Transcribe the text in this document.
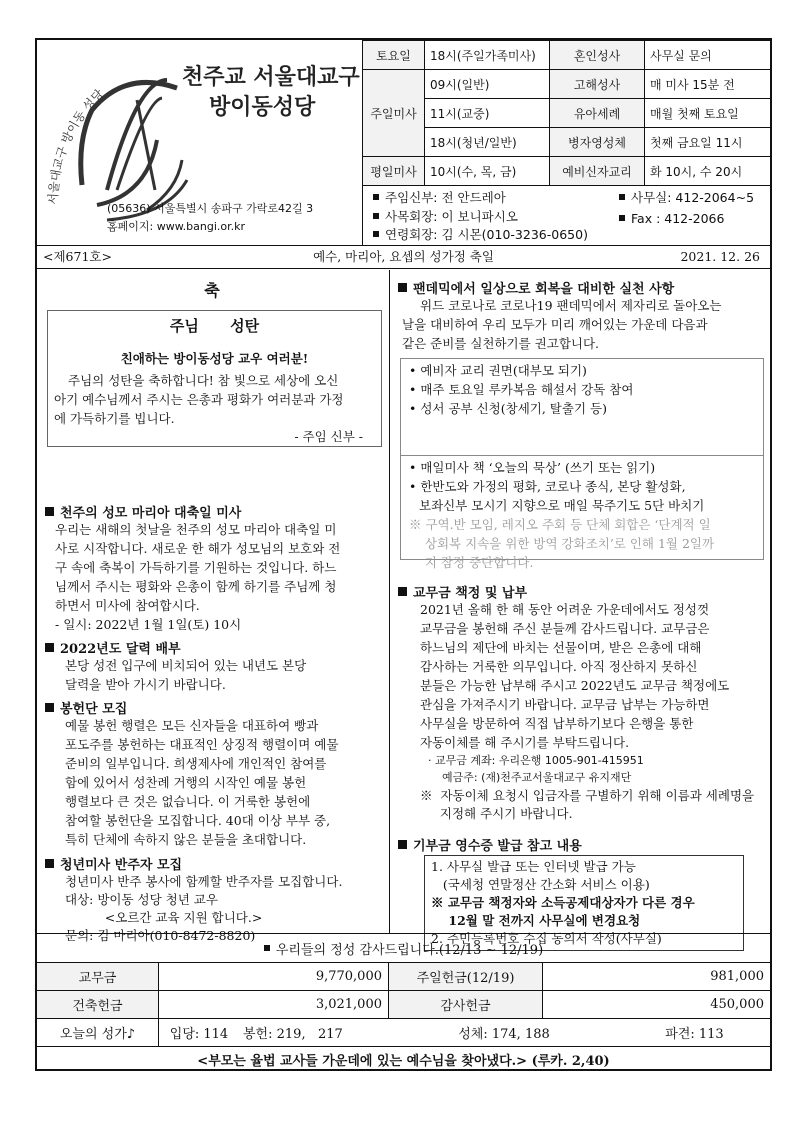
서울대교구 방이동 성당
천주교 서울대교구
방이동성당
(05636) 서울특별시 송파구 가락로42길 3
홈페이지: www.bangi.or.kr
토요일	18시(주일가족미사)	혼인성사	사무실 문의
주일미사	09시(일반)	고해성사	매 미사 15분 전
	11시(교중)	유아세례	매월 첫째 토요일
	18시(청년/일반)	병자영성체	첫째 금요일 11시
평일미사	10시(수, 목, 금)	예비신자교리	화 10시, 수 20시
주임신부: 전 안드레아
사목회장: 이 보니파시오
연령회장: 김 시몬(010-3236-0650)
사무실: 412-2064~5
Fax : 412-2066
예수, 마리아, 요셉의 성가정 축일
<제671호>	2021. 12. 26
축
주님      성탄
친애하는 방이동성당 교우 여러분!
주님의 성탄을 축하합니다! 참 빛으로 세상에 오신
아기 예수님께서 주시는 은총과 평화가 여러분과 가정
에 가득하기를 빕니다.
- 주임 신부 -
천주의 성모 마리아 대축일 미사
우리는 새해의 첫날을 천주의 성모 마리아 대축일 미
사로 시작합니다. 새로운 한 해가 성모님의 보호와 전
구 속에 축복이 가득하기를 기원하는 것입니다. 하느
님께서 주시는 평화와 은총이 함께 하기를 주님께 청
하면서 미사에 참여합시다.
- 일시: 2022년 1월 1일(토) 10시
2022년도 달력 배부
본당 성전 입구에 비치되어 있는 내년도 본당
달력을 받아 가시기 바랍니다.
봉헌단 모집
예물 봉헌 행렬은 모든 신자들을 대표하여 빵과
포도주를 봉헌하는 대표적인 상징적 행렬이며 예물
준비의 일부입니다. 희생제사에 개인적인 참여를
함에 있어서 성찬례 거행의 시작인 예물 봉헌
행렬보다 큰 것은 없습니다. 이 거룩한 봉헌에
참여할 봉헌단을 모집합니다. 40대 이상 부부 중,
특히 단체에 속하지 않은 분들을 초대합니다.
청년미사 반주자 모집
청년미사 반주 봉사에 함께할 반주자를 모집합니다.
대상: 방이동 성당 청년 교우
<오르간 교육 지원 합니다.>
문의: 김 마리아(010-8472-8820)
팬데믹에서 일상으로 회복을 대비한 실천 사항
위드 코로나로 코로나19 팬데믹에서 제자리로 돌아오는
날을 대비하여 우리 모두가 미리 깨어있는 가운데 다음과
같은 준비를 실천하기를 권고합니다.
• 예비자 교리 권면(대부모 되기)
• 매주 토요일 루카복음 해설서 강독 참여
• 성서 공부 신청(창세기, 탈출기 등)
• 매일미사 책 ‘오늘의 묵상’ (쓰기 또는 읽기)
• 한반도와 가정의 평화, 코로나 종식, 본당 활성화,
보좌신부 모시기 지향으로 매일 묵주기도 5단 바치기
※ 구역.반 모임, 레지오 주회 등 단체 회합은 ‘단계적 일
상회복 지속을 위한 방역 강화조치’로 인해 1월 2일까
지 잠정 중단합니다.
교무금 책정 및 납부
2021년 올해 한 해 동안 어려운 가운데에서도 정성껏
교무금을 봉헌해 주신 분들께 감사드립니다. 교무금은
하느님의 제단에 바치는 선물이며, 받은 은총에 대해
감사하는 거룩한 의무입니다. 아직 정산하지 못하신
분들은 가능한 납부해 주시고 2022년도 교무금 책정에도
관심을 가져주시기 바랍니다. 교무금 납부는 가능하면
사무실을 방문하여 직접 납부하기보다 은행을 통한
자동이체를 해 주시기를 부탁드립니다.
· 교무금 계좌: 우리은행 1005-901-415951
예금주: (재)천주교서울대교구 유지재단
※  자동이체 요청시 입금자를 구별하기 위해 이름과 세례명을
지정해 주시기 바랍니다.
기부금 영수증 발급 참고 내용
1. 사무실 발급 또는 인터넷 발급 가능
(국세청 연말정산 간소화 서비스 이용)
※ 교무금 책정자와 소득공제대상자가 다른 경우
12월 말 전까지 사무실에 변경요청
2. 주민등록번호 수집 동의서 작성(사무실)
우리들의 정성 감사드립니다.(12/13 ~ 12/19)
교무금	9,770,000	주일헌금(12/19)	981,000
건축헌금	3,021,000	감사헌금	450,000
오늘의 성가♪	입당: 114	봉헌: 219,   217	성체: 174, 188	파견: 113
<부모는 율법 교사들 가운데에 있는 예수님을 찾아냈다.> (루카. 2,40)
